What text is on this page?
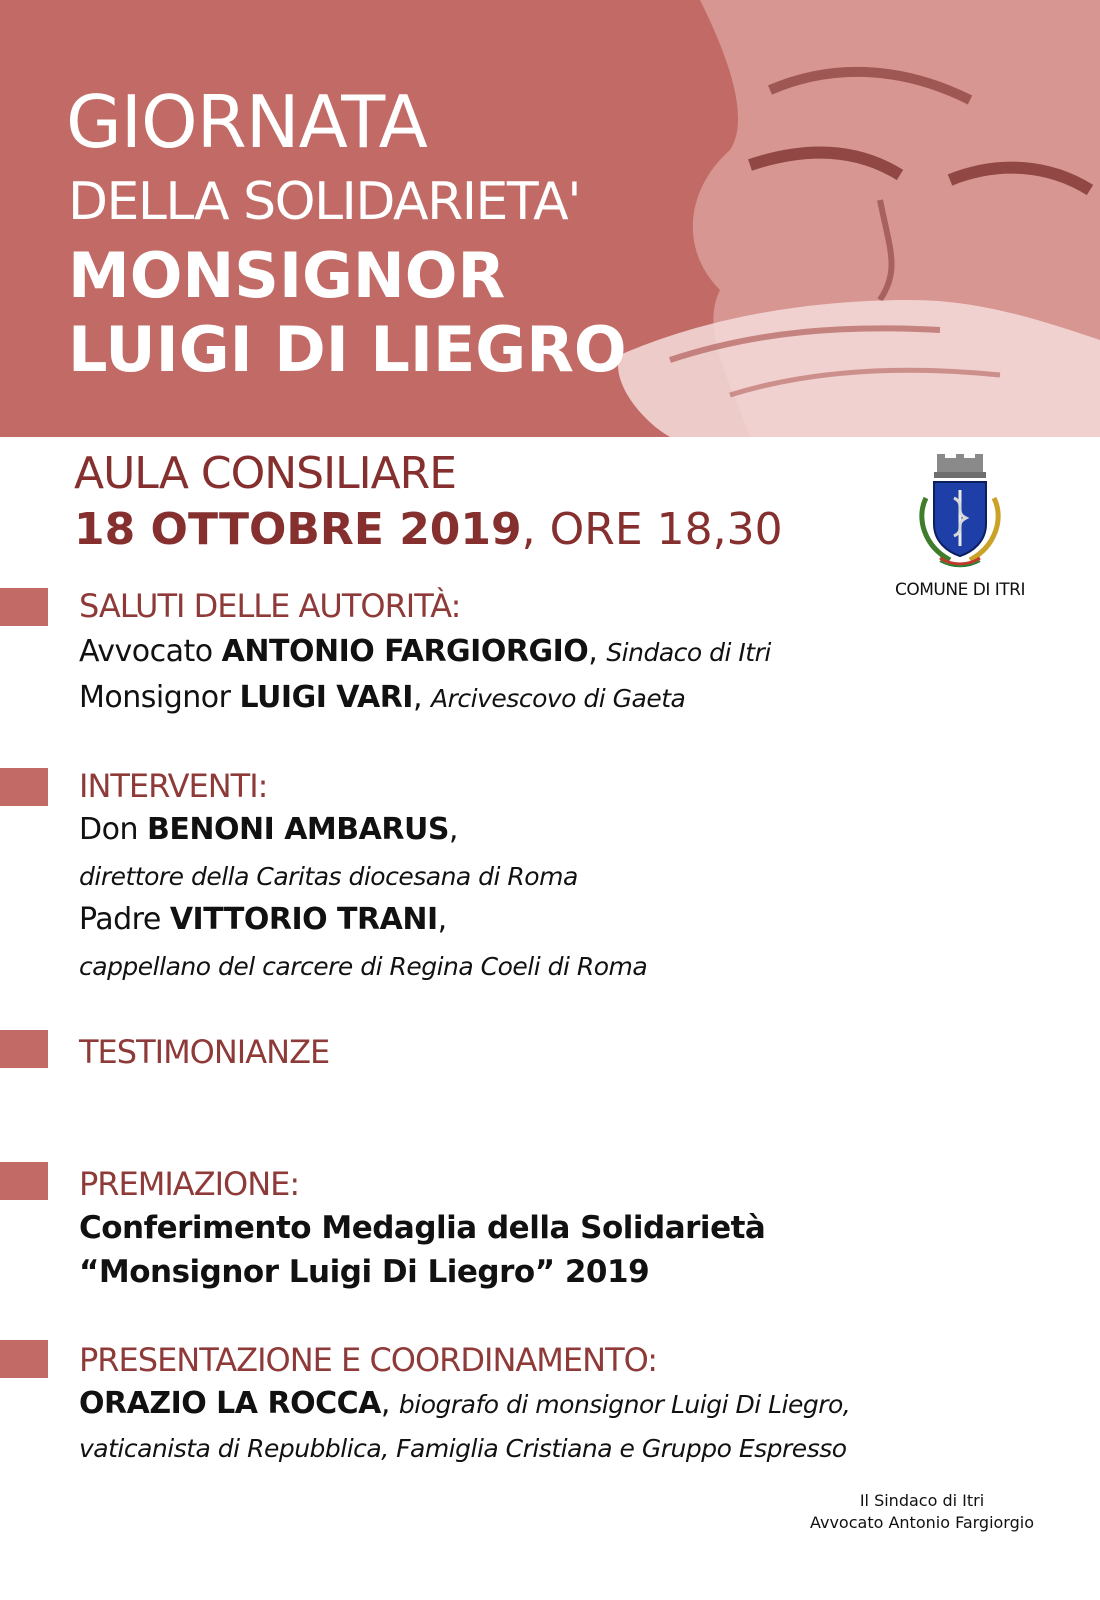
GIORNATA
DELLA SOLIDARIETA'
MONSIGNOR
LUIGI DI LIEGRO
AULA CONSILIARE
18 OTTOBRE 2019, ORE 18,30
COMUNE DI ITRI
SALUTI DELLE AUTORITÀ:
Avvocato ANTONIO FARGIORGIO, Sindaco di Itri
Monsignor LUIGI VARI, Arcivescovo di Gaeta
INTERVENTI:
Don BENONI AMBARUS,
direttore della Caritas diocesana di Roma
Padre VITTORIO TRANI,
cappellano del carcere di Regina Coeli di Roma
TESTIMONIANZE
PREMIAZIONE:
Conferimento Medaglia della Solidarietà
“Monsignor Luigi Di Liegro” 2019
PRESENTAZIONE E COORDINAMENTO:
ORAZIO LA ROCCA, biografo di monsignor Luigi Di Liegro,
vaticanista di Repubblica, Famiglia Cristiana e Gruppo Espresso
Il Sindaco di Itri
Avvocato Antonio Fargiorgio
